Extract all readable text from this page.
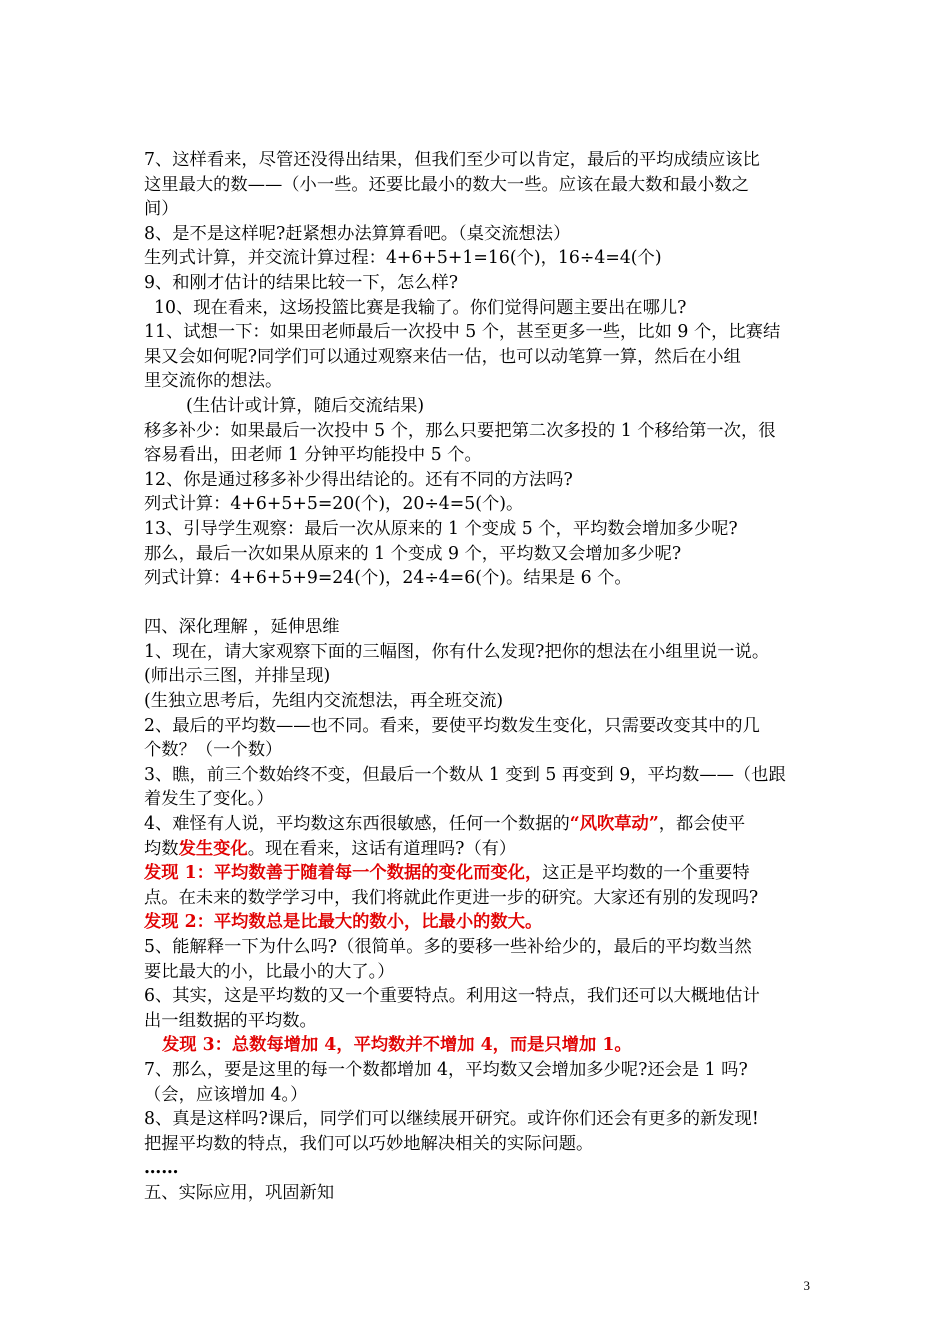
7、这样看来，尽管还没得出结果，但我们至少可以肯定，最后的平均成绩应该比

这里最大的数——（小一些。还要比最小的数大一些。应该在最大数和最小数之

间）

8、是不是这样呢?赶紧想办法算算看吧。（桌交流想法）

生列式计算，并交流计算过程：4+6+5+1=16(个)，16÷4=4(个)

9、和刚才估计的结果比较一下，怎么样?

10、现在看来，这场投篮比赛是我输了。你们觉得问题主要出在哪儿?

11、试想一下：如果田老师最后一次投中 5 个，甚至更多一些，比如 9 个，比赛结

果又会如何呢?同学们可以通过观察来估一估，也可以动笔算一算，然后在小组

里交流你的想法。

(生估计或计算，随后交流结果)

移多补少：如果最后一次投中 5 个，那么只要把第二次多投的 1 个移给第一次，很

容易看出，田老师 1 分钟平均能投中 5 个。

12、你是通过移多补少得出结论的。还有不同的方法吗?

列式计算：4+6+5+5=20(个)，20÷4=5(个)。

13、引导学生观察：最后一次从原来的 1 个变成 5 个，平均数会增加多少呢?

那么，最后一次如果从原来的 1 个变成 9 个，平均数又会增加多少呢?

列式计算：4+6+5+9=24(个)，24÷4=6(个)。结果是 6 个。

四、深化理解 ，延伸思维

1、现在，请大家观察下面的三幅图，你有什么发现?把你的想法在小组里说一说。

(师出示三图，并排呈现)

(生独立思考后，先组内交流想法，再全班交流)

2、最后的平均数——也不同。看来，要使平均数发生变化，只需要改变其中的几

个数？（一个数）

3、瞧，前三个数始终不变，但最后一个数从 1 变到 5 再变到 9，平均数——（也跟

着发生了变化。）

4、难怪有人说，平均数这东西很敏感，任何一个数据的“风吹草动”，都会使平

均数发生变化。现在看来，这话有道理吗?（有）

发现 1：平均数善于随着每一个数据的变化而变化，这正是平均数的一个重要特

点。在未来的数学学习中，我们将就此作更进一步的研究。大家还有别的发现吗?

发现 2：平均数总是比最大的数小，比最小的数大。

5、能解释一下为什么吗?（很简单。多的要移一些补给少的，最后的平均数当然

要比最大的小，比最小的大了。）

6、其实，这是平均数的又一个重要特点。利用这一特点，我们还可以大概地估计

出一组数据的平均数。

发现 3：总数每增加 4，平均数并不增加 4，而是只增加 1。

7、那么，要是这里的每一个数都增加 4，平均数又会增加多少呢?还会是 1 吗?

（会，应该增加 4。）

8、真是这样吗?课后，同学们可以继续展开研究。或许你们还会有更多的新发现!

把握平均数的特点，我们可以巧妙地解决相关的实际问题。

……

五、实际应用，巩固新知

3
